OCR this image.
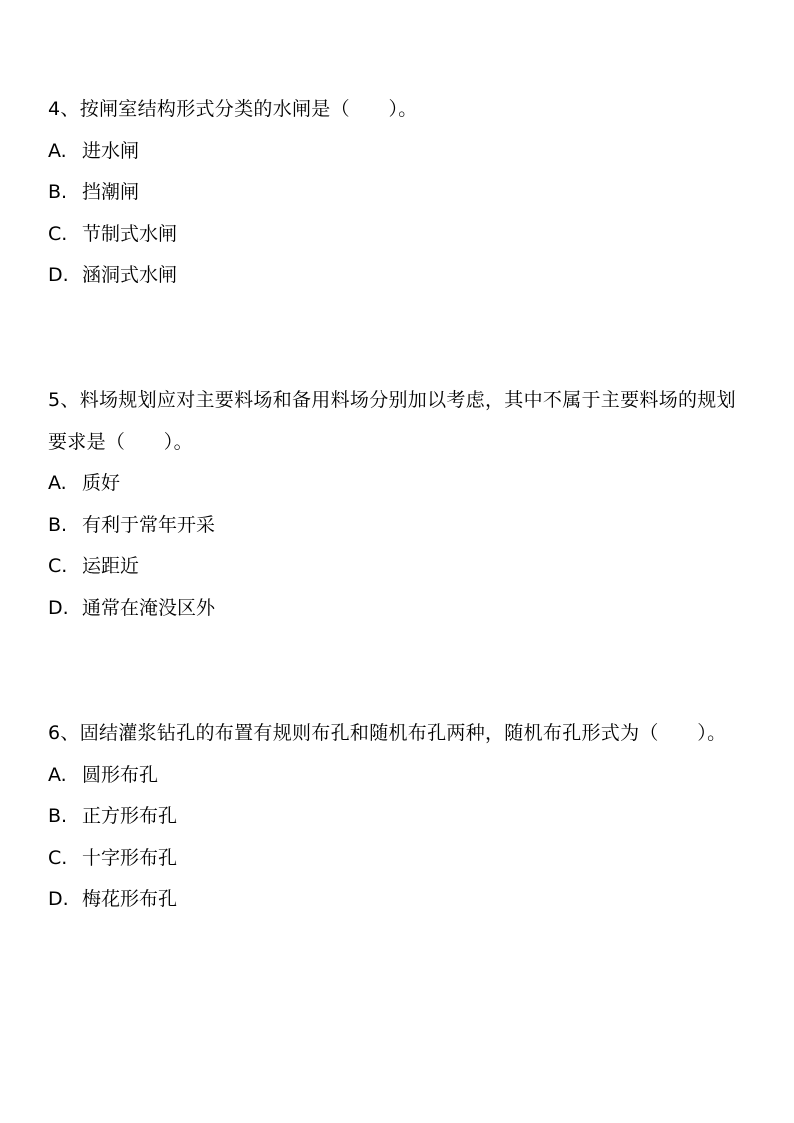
4、按闸室结构形式分类的水闸是（　　）。

A. 进水闸
B. 挡潮闸
C. 节制式水闸
D. 涵洞式水闸

5、料场规划应对主要料场和备用料场分别加以考虑，其中不属于主要料场的规划要求是（　　）。

A. 质好
B. 有利于常年开采
C. 运距近
D. 通常在淹没区外

6、固结灌浆钻孔的布置有规则布孔和随机布孔两种，随机布孔形式为（　　）。

A. 圆形布孔
B. 正方形布孔
C. 十字形布孔
D. 梅花形布孔
